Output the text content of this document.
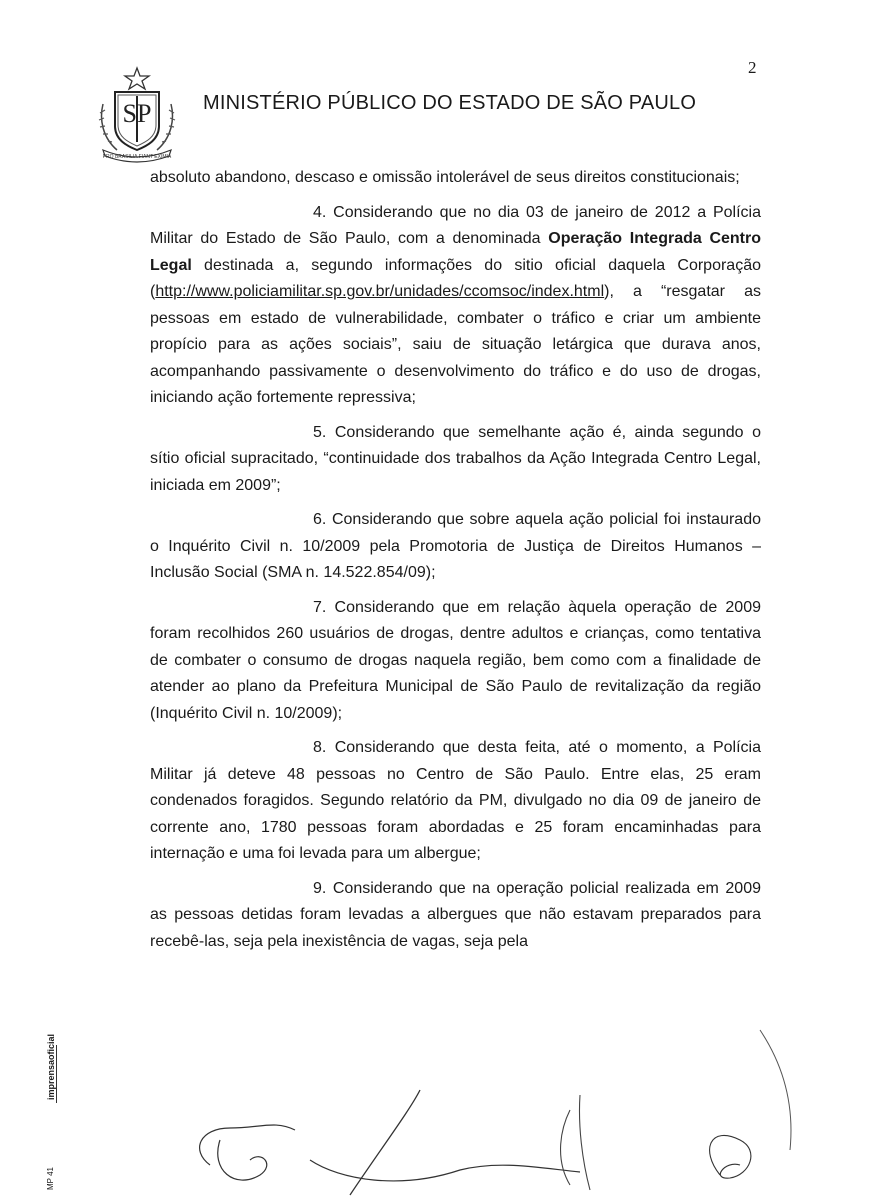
2
SP
PRO BRASILIA FIANT EXIMIA
MINISTÉRIO PÚBLICO DO ESTADO DE SÃO PAULO

absoluto abandono, descaso e omissão intolerável de seus direitos constitucionais;

4. Considerando que no dia 03 de janeiro de 2012 a Polícia Militar do Estado de São Paulo, com a denominada Operação Integrada Centro Legal destinada a, segundo informações do sitio oficial daquela Corporação (http://www.policiamilitar.sp.gov.br/unidades/ccomsoc/index.html), a “resgatar as pessoas em estado de vulnerabilidade, combater o tráfico e criar um ambiente propício para as ações sociais”, saiu de situação letárgica que durava anos, acompanhando passivamente o desenvolvimento do tráfico e do uso de drogas, iniciando ação fortemente repressiva;

5. Considerando que semelhante ação é, ainda segundo o sítio oficial supracitado, “continuidade dos trabalhos da Ação Integrada Centro Legal, iniciada em 2009”;

6. Considerando que sobre aquela ação policial foi instaurado o Inquérito Civil n. 10/2009 pela Promotoria de Justiça de Direitos Humanos – Inclusão Social (SMA n. 14.522.854/09);

7. Considerando que em relação àquela operação de 2009 foram recolhidos 260 usuários de drogas, dentre adultos e crianças, como tentativa de combater o consumo de drogas naquela região, bem como com a finalidade de atender ao plano da Prefeitura Municipal de São Paulo de revitalização da região (Inquérito Civil n. 10/2009);

8. Considerando que desta feita, até o momento, a Polícia Militar já deteve 48 pessoas no Centro de São Paulo. Entre elas, 25 eram condenados foragidos. Segundo relatório da PM, divulgado no dia 09 de janeiro de corrente ano, 1780 pessoas foram abordadas e 25 foram encaminhadas para internação e uma foi levada para um albergue;

9. Considerando que na operação policial realizada em 2009 as pessoas detidas foram levadas a albergues que não estavam preparados para recebê-las, seja pela inexistência de vagas, seja pela

imprensaoficial
MP 41
